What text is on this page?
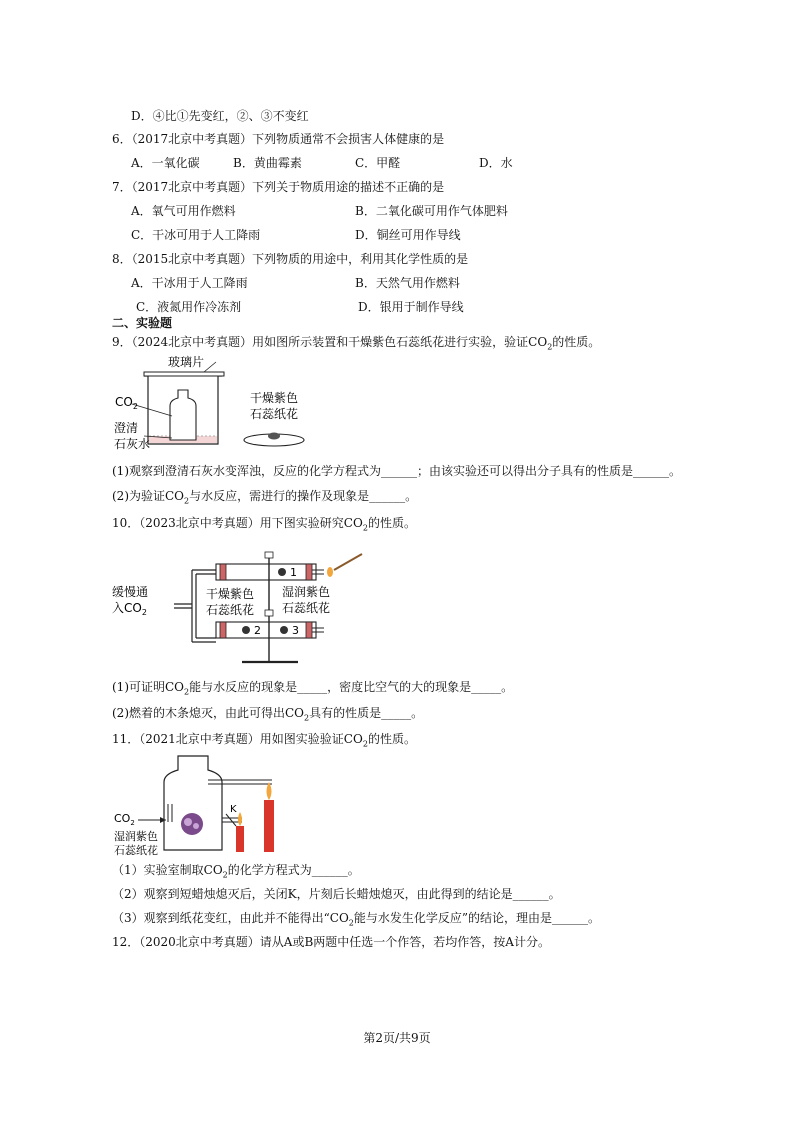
D．④比①先变红，②、③不变红
6．（2017北京中考真题）下列物质通常不会损害人体健康的是
A．一氧化碳	B．黄曲霉素	C．甲醛	D．水
7．（2017北京中考真题）下列关于物质用途的描述不正确的是
A．氧气可用作燃料	B．二氧化碳可用作气体肥料
C．干冰可用于人工降雨	D．铜丝可用作导线
8．（2015北京中考真题）下列物质的用途中，利用其化学性质的是
A．干冰用于人工降雨	B．天然气用作燃料
C．液氮用作冷冻剂	D．银用于制作导线
二、实验题
9．（2024北京中考真题）用如图所示装置和干燥紫色石蕊纸花进行实验，验证$CO_2$的性质。
玻璃片
$CO_2$
澄清
石灰水
干燥紫色
石蕊纸花
(1)观察到澄清石灰水变浑浊，反应的化学方程式为______；由该实验还可以得出分子具有的性质是______。
(2)为验证$CO_2$与水反应，需进行的操作及现象是______。
10．（2023北京中考真题）用下图实验研究$CO_2$的性质。
1
2	3
缓慢通
入$CO_2$
干燥紫色
石蕊纸花
湿润紫色
石蕊纸花
(1)可证明$CO_2$能与水反应的现象是_____，密度比空气的大的现象是_____。
(2)燃着的木条熄灭，由此可得出$CO_2$具有的性质是_____。
11．（2021北京中考真题）用如图实验验证$CO_2$的性质。
K
$CO_2$
湿润紫色
石蕊纸花
（1）实验室制取$CO_2$的化学方程式为______。
（2）观察到短蜡烛熄灭后，关闭K，片刻后长蜡烛熄灭，由此得到的结论是______。
（3）观察到纸花变红，由此并不能得出“$CO_2$能与水发生化学反应”的结论，理由是______。
12．（2020北京中考真题）请从A或B两题中任选一个作答，若均作答，按A计分。
第2页/共9页
